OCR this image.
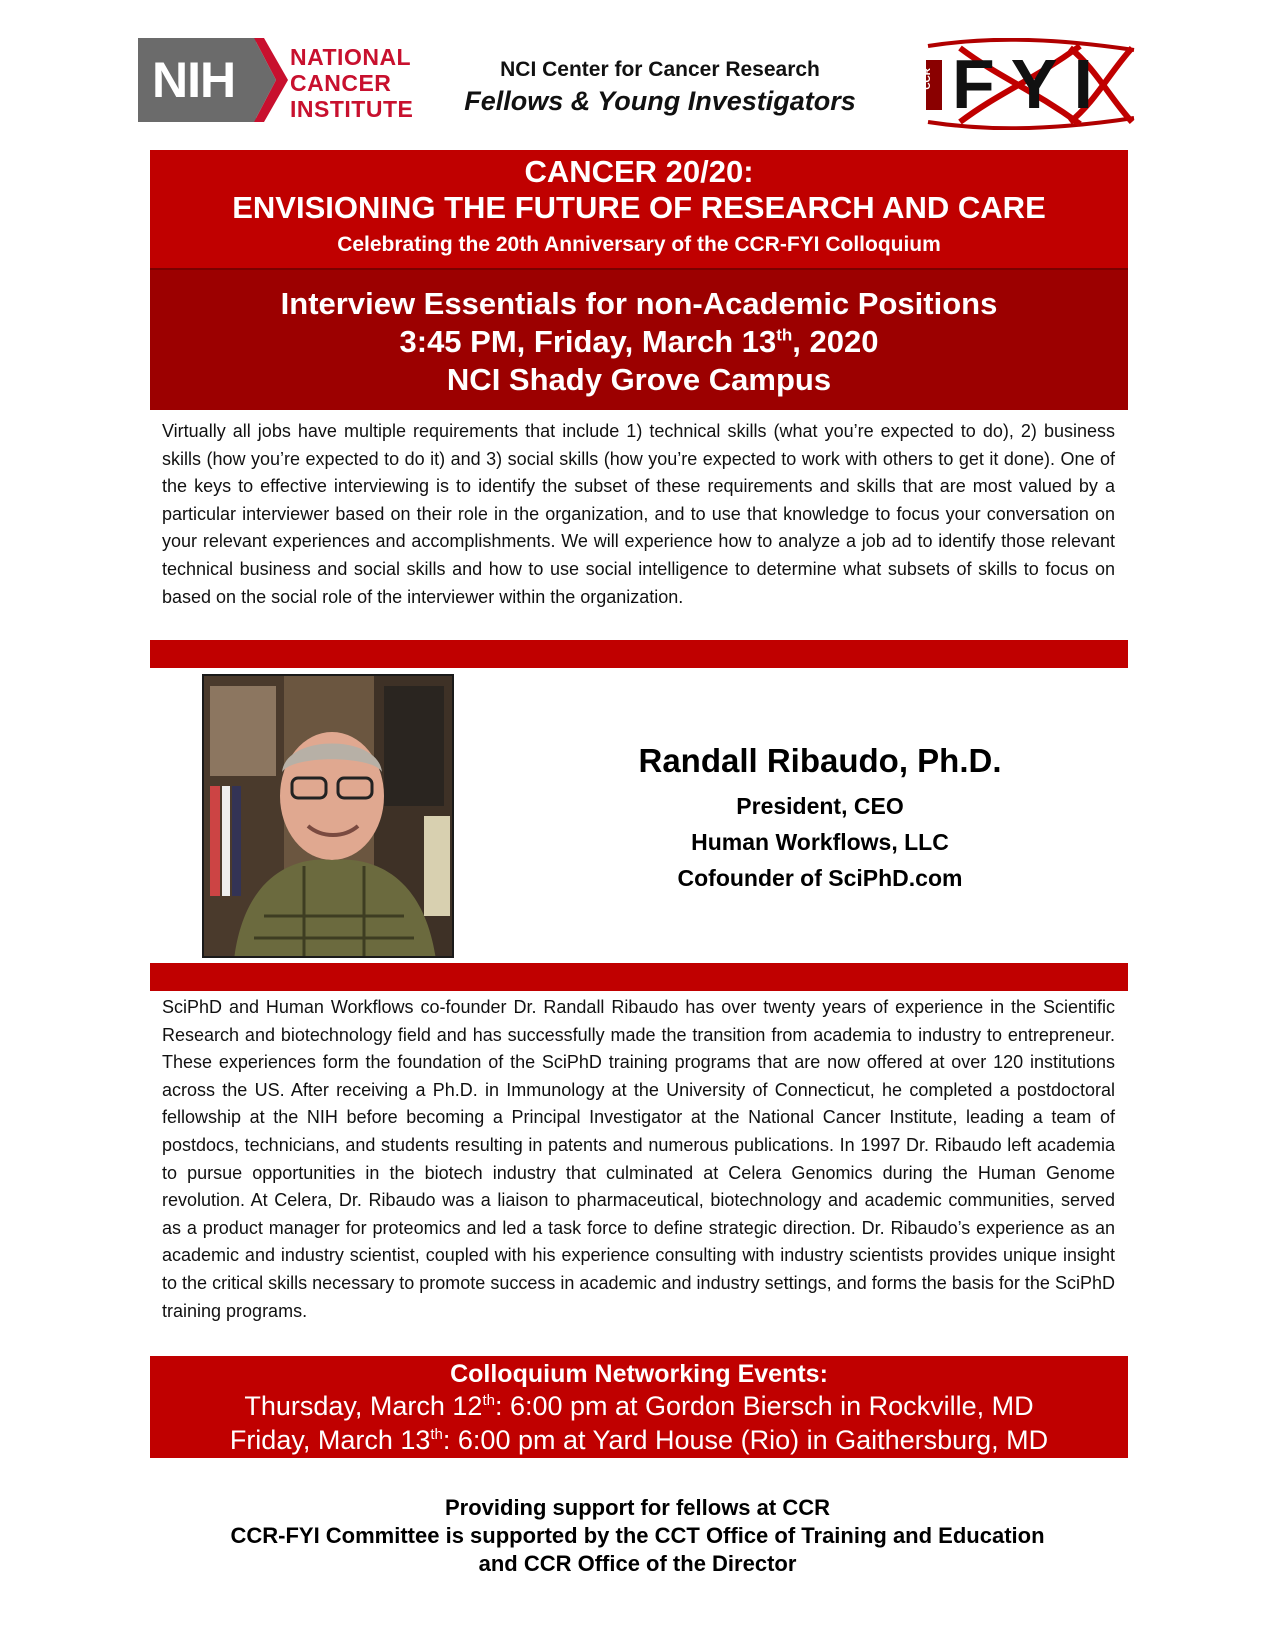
NIH	NATIONAL
CANCER
INSTITUTE
NCI Center for Cancer Research
Fellows & Young Investigators
CCR FYI
CANCER 20/20:
ENVISIONING THE FUTURE OF RESEARCH AND CARE
Celebrating the 20th Anniversary of the CCR-FYI Colloquium
Interview Essentials for non-Academic Positions
3:45 PM, Friday, March 13th, 2020
NCI Shady Grove Campus

Virtually all jobs have multiple requirements that include 1) technical skills (what you’re expected to do), 2) business skills (how you’re expected to do it) and 3) social skills (how you’re expected to work with others to get it done). One of the keys to effective interviewing is to identify the subset of these requirements and skills that are most valued by a particular interviewer based on their role in the organization, and to use that knowledge to focus your conversation on your relevant experiences and accomplishments. We will experience how to analyze a job ad to identify those relevant technical business and social skills and how to use social intelligence to determine what subsets of skills to focus on based on the social role of the interviewer within the organization.

Randall Ribaudo, Ph.D.
President, CEO
Human Workflows, LLC
Cofounder of SciPhD.com

SciPhD and Human Workflows co-founder Dr. Randall Ribaudo has over twenty years of experience in the Scientific Research and biotechnology field and has successfully made the transition from academia to industry to entrepreneur. These experiences form the foundation of the SciPhD training programs that are now offered at over 120 institutions across the US. After receiving a Ph.D. in Immunology at the University of Connecticut, he completed a postdoctoral fellowship at the NIH before becoming a Principal Investigator at the National Cancer Institute, leading a team of postdocs, technicians, and students resulting in patents and numerous publications. In 1997 Dr. Ribaudo left academia to pursue opportunities in the biotech industry that culminated at Celera Genomics during the Human Genome revolution. At Celera, Dr. Ribaudo was a liaison to pharmaceutical, biotechnology and academic communities, served as a product manager for proteomics and led a task force to define strategic direction. Dr. Ribaudo’s experience as an academic and industry scientist, coupled with his experience consulting with industry scientists provides unique insight to the critical skills necessary to promote success in academic and industry settings, and forms the basis for the SciPhD training programs.

Colloquium Networking Events:
Thursday, March 12th: 6:00 pm at Gordon Biersch in Rockville, MD
Friday, March 13th: 6:00 pm at Yard House (Rio) in Gaithersburg, MD
Providing support for fellows at CCR
CCR-FYI Committee is supported by the CCT Office of Training and Education
and CCR Office of the Director
